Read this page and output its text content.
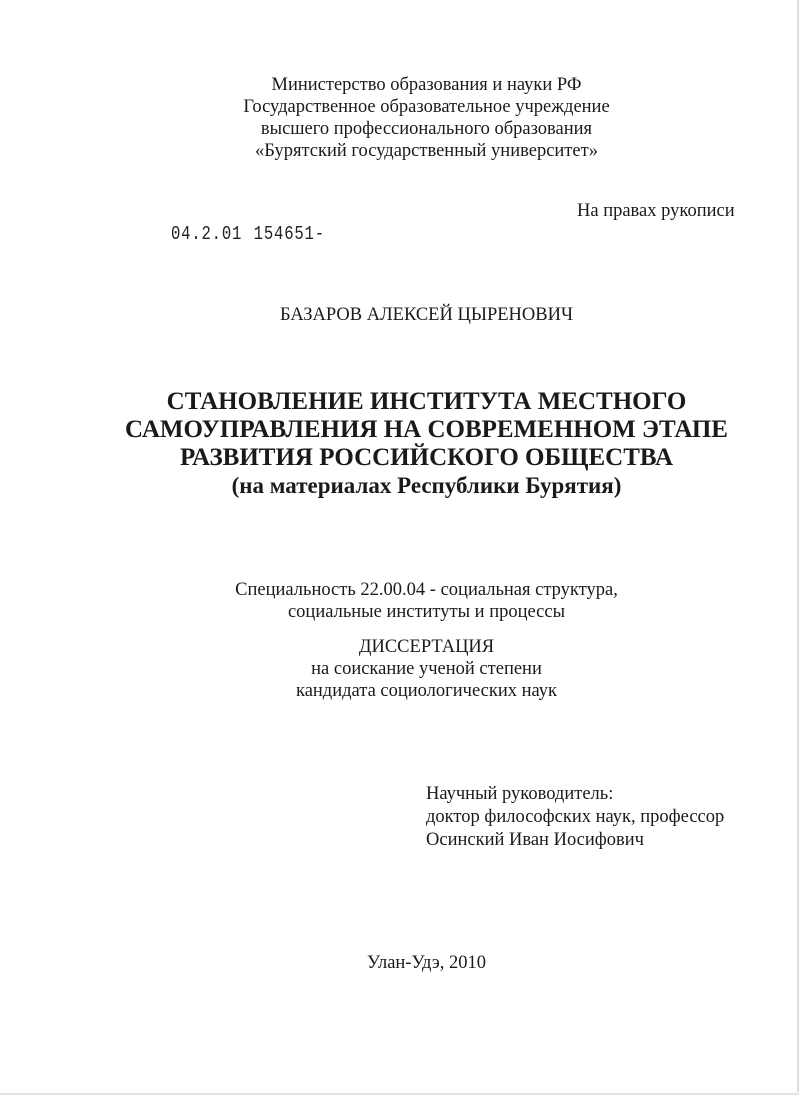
Министерство образования и науки РФ
Государственное образовательное учреждение
высшего профессионального образования
«Бурятский государственный университет»
На правах рукописи
04.2.01 154651-
БАЗАРОВ АЛЕКСЕЙ ЦЫРЕНОВИЧ
СТАНОВЛЕНИЕ ИНСТИТУТА МЕСТНОГО
САМОУПРАВЛЕНИЯ НА СОВРЕМЕННОМ ЭТАПЕ
РАЗВИТИЯ РОССИЙСКОГО ОБЩЕСТВА
(на материалах Республики Бурятия)
Специальность 22.00.04 - социальная структура,
социальные институты и процессы
ДИССЕРТАЦИЯ
на соискание ученой степени
кандидата социологических наук
Научный руководитель:
доктор философских наук, профессор
Осинский Иван Иосифович
Улан-Удэ, 2010
